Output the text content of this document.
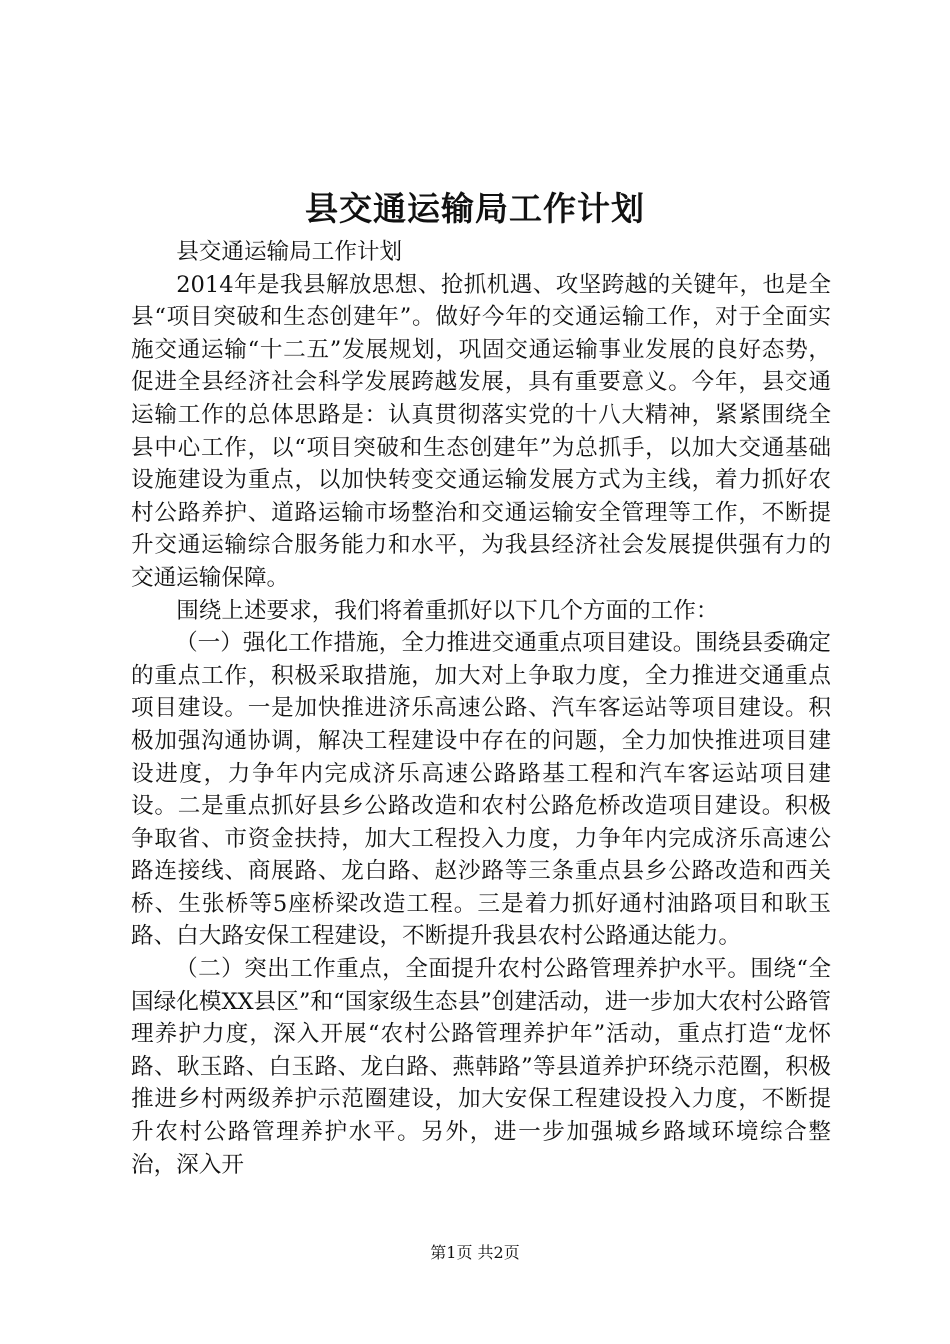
县交通运输局工作计划

县交通运输局工作计划

2014年是我县解放思想、抢抓机遇、攻坚跨越的关键年，也是全县“项目突破和生态创建年”。做好今年的交通运输工作，对于全面实施交通运输“十二五”发展规划，巩固交通运输事业发展的良好态势，促进全县经济社会科学发展跨越发展，具有重要意义。今年，县交通运输工作的总体思路是：认真贯彻落实党的十八大精神，紧紧围绕全县中心工作，以“项目突破和生态创建年”为总抓手，以加大交通基础设施建设为重点，以加快转变交通运输发展方式为主线，着力抓好农村公路养护、道路运输市场整治和交通运输安全管理等工作，不断提升交通运输综合服务能力和水平，为我县经济社会发展提供强有力的交通运输保障。

围绕上述要求，我们将着重抓好以下几个方面的工作：

（一）强化工作措施，全力推进交通重点项目建设。围绕县委确定的重点工作，积极采取措施，加大对上争取力度，全力推进交通重点项目建设。一是加快推进济乐高速公路、汽车客运站等项目建设。积极加强沟通协调，解决工程建设中存在的问题，全力加快推进项目建设进度，力争年内完成济乐高速公路路基工程和汽车客运站项目建设。二是重点抓好县乡公路改造和农村公路危桥改造项目建设。积极争取省、市资金扶持，加大工程投入力度，力争年内完成济乐高速公路连接线、商展路、龙白路、赵沙路等三条重点县乡公路改造和西关桥、生张桥等5座桥梁改造工程。三是着力抓好通村油路项目和耿玉路、白大路安保工程建设，不断提升我县农村公路通达能力。

（二）突出工作重点，全面提升农村公路管理养护水平。围绕“全国绿化模XX县区”和“国家级生态县”创建活动，进一步加大农村公路管理养护力度，深入开展“农村公路管理养护年”活动，重点打造“龙怀路、耿玉路、白玉路、龙白路、燕韩路”等县道养护环绕示范圈，积极推进乡村两级养护示范圈建设，加大安保工程建设投入力度，不断提升农村公路管理养护水平。另外，进一步加强城乡路域环境综合整治，深入开

第1页 共2页
